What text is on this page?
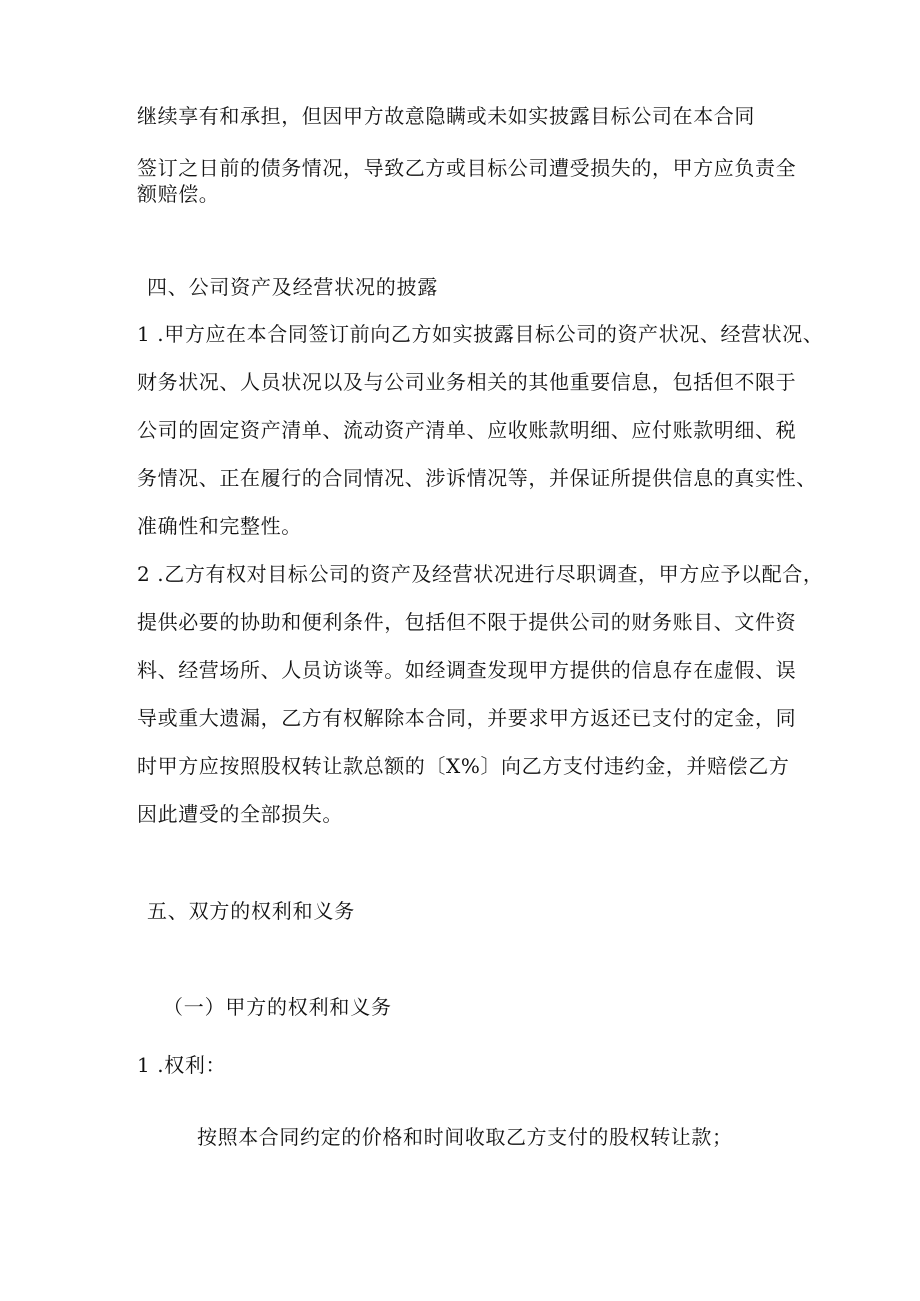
继续享有和承担，但因甲方故意隐瞒或未如实披露目标公司在本合同

签订之日前的债务情况，导致乙方或目标公司遭受损失的，甲方应负责全

额赔偿。

四、公司资产及经营状况的披露

1 .甲方应在本合同签订前向乙方如实披露目标公司的资产状况、经营状况、

财务状况、人员状况以及与公司业务相关的其他重要信息，包括但不限于

公司的固定资产清单、流动资产清单、应收账款明细、应付账款明细、税

务情况、正在履行的合同情况、涉诉情况等，并保证所提供信息的真实性、

准确性和完整性。

2 .乙方有权对目标公司的资产及经营状况进行尽职调查，甲方应予以配合，

提供必要的协助和便利条件，包括但不限于提供公司的财务账目、文件资

料、经营场所、人员访谈等。如经调查发现甲方提供的信息存在虚假、误

导或重大遗漏，乙方有权解除本合同，并要求甲方返还已支付的定金，同

时甲方应按照股权转让款总额的〔X%〕向乙方支付违约金，并赔偿乙方

因此遭受的全部损失。

五、双方的权利和义务
（一）甲方的权利和义务

1 .权利：

按照本合同约定的价格和时间收取乙方支付的股权转让款；
